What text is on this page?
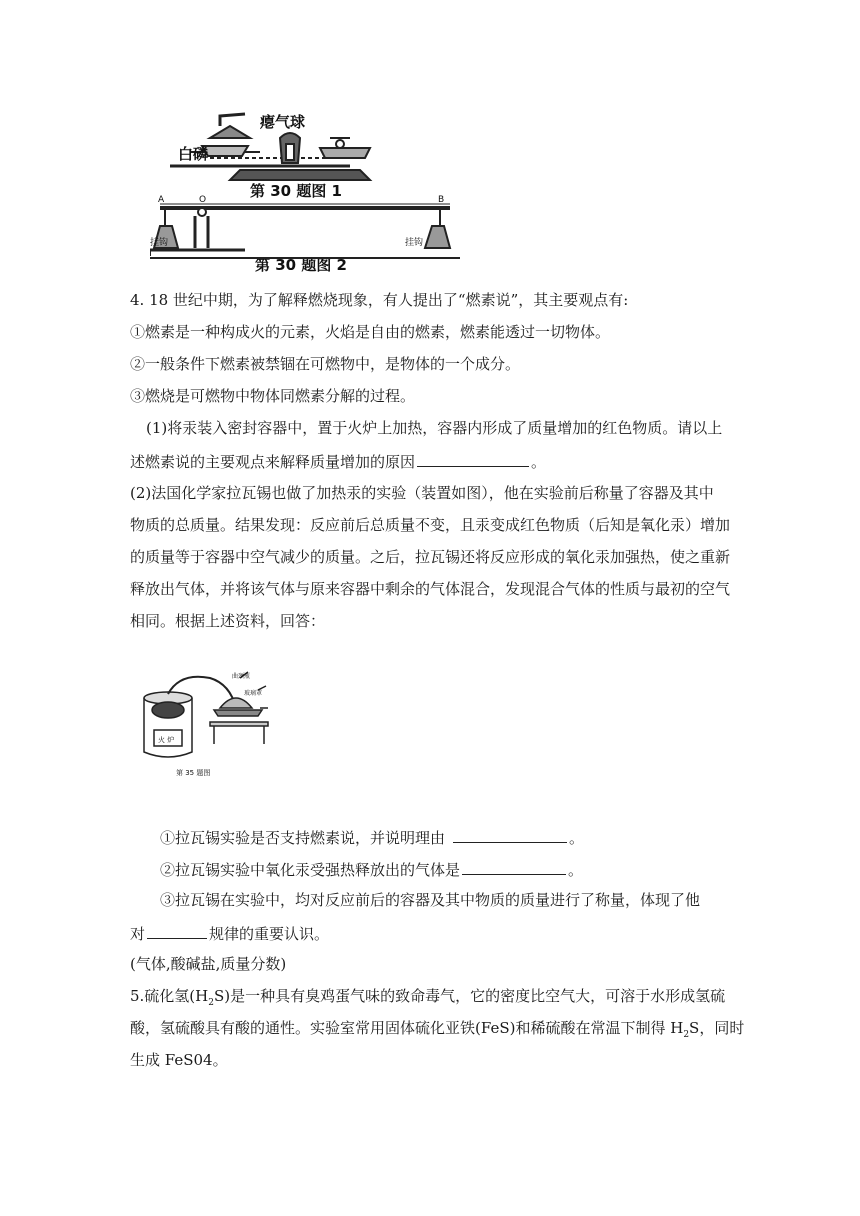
瘪气球
白磷
第 30 题图 1
A	O	B
挂钩	挂钩
第 30 题图 2
4. 18 世纪中期，为了解释燃烧现象，有人提出了“燃素说”，其主要观点有:
①燃素是一种构成火的元素，火焰是自由的燃素，燃素能透过一切物体。
②一般条件下燃素被禁锢在可燃物中，是物体的一个成分。
③燃烧是可燃物中物体同燃素分解的过程。
(1)将汞装入密封容器中，置于火炉上加热，容器内形成了质量增加的红色物质。请以上
述燃素说的主要观点来解释质量增加的原因	。
(2)法国化学家拉瓦锡也做了加热汞的实验（装置如图），他在实验前后称量了容器及其中
物质的总质量。结果发现：反应前后总质量不变，且汞变成红色物质（后知是氧化汞）增加
的质量等于容器中空气减少的质量。之后，拉瓦锡还将反应形成的氧化汞加强热，使之重新
释放出气体，并将该气体与原来容器中剩余的气体混合，发现混合气体的性质与最初的空气
相同。根据上述资料，回答：
曲颈瓶
玻璃罩
火 炉
第 35 题图
①拉瓦锡实验是否支持燃素说，并说明理由	。
②拉瓦锡实验中氧化汞受强热释放出的气体是	。
③拉瓦锡在实验中，均对反应前后的容器及其中物质的质量进行了称量，体现了他
对	规律的重要认识。
(气体,酸碱盐,质量分数)
5.硫化氢$(H_2S)$是一种具有臭鸡蛋气味的致命毒气，它的密度比空气大，可溶于水形成氢硫
酸，氢硫酸具有酸的通性。实验室常用固体硫化亚铁(FeS)和稀硫酸在常温下制得 $H_2S$，同时
生成 FeS04。
